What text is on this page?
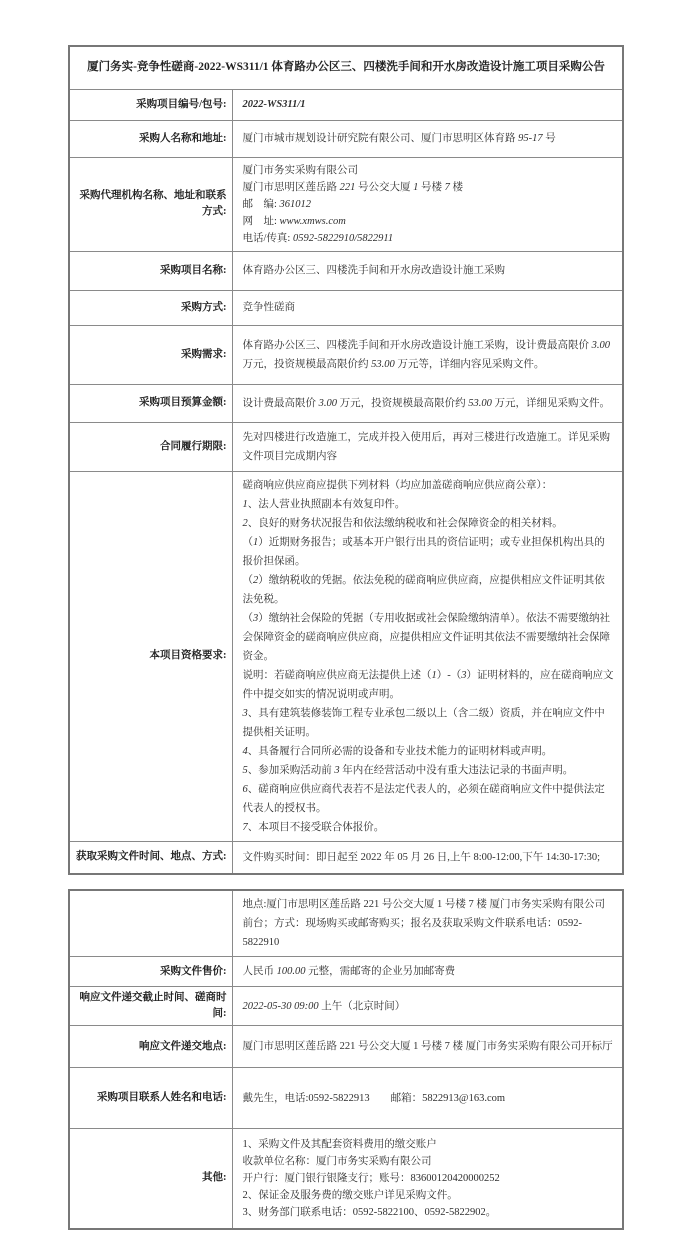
厦门务实-竞争性磋商-2022-WS311/1 体育路办公区三、四楼洗手间和开水房改造设计施工项目采购公告	
采购项目编号/包号:	2022-WS311/1
采购人名称和地址:	厦门市城市规划设计研究院有限公司、厦门市思明区体育路 95-17 号
采购代理机构名称、地址和联系方式:	厦门市务实采购有限公司
厦门市思明区莲岳路 221 号公交大厦 1 号楼 7 楼
邮　编: 361012
网　址: www.xmws.com
电话/传真: 0592-5822910/5822911

采购项目名称:	体育路办公区三、四楼洗手间和开水房改造设计施工采购
采购方式:	竞争性磋商
采购需求:	体育路办公区三、四楼洗手间和开水房改造设计施工采购，设计费最高限价 3.00 万元，投资规模最高限价约 53.00 万元等，详细内容见采购文件。
采购项目预算金额:	设计费最高限价 3.00 万元，投资规模最高限价约 53.00 万元，详细见采购文件。
合同履行期限:	先对四楼进行改造施工，完成并投入使用后，再对三楼进行改造施工。详见采购文件项目完成期内容
本项目资格要求:	

磋商响应供应商应提供下列材料（均应加盖磋商响应供应商公章）：

1、法人营业执照副本有效复印件。

2、良好的财务状况报告和依法缴纳税收和社会保障资金的相关材料。

（1）近期财务报告；或基本开户银行出具的资信证明；或专业担保机构出具的报价担保函。

（2）缴纳税收的凭据。依法免税的磋商响应供应商，应提供相应文件证明其依法免税。

（3）缴纳社会保险的凭据（专用收据或社会保险缴纳清单）。依法不需要缴纳社会保障资金的磋商响应供应商，应提供相应文件证明其依法不需要缴纳社会保障资金。

说明：若磋商响应供应商无法提供上述（1）-（3）证明材料的，应在磋商响应文件中提交如实的情况说明或声明。

3、具有建筑装修装饰工程专业承包二级以上（含二级）资质，并在响应文件中提供相关证明。

4、具备履行合同所必需的设备和专业技术能力的证明材料或声明。

5、参加采购活动前 3 年内在经营活动中没有重大违法记录的书面声明。

6、磋商响应供应商代表若不是法定代表人的，必须在磋商响应文件中提供法定代表人的授权书。

7、本项目不接受联合体报价。

获取采购文件时间、地点、方式:	文件购买时间：即日起至 2022 年 05 月 26 日,上午 8:00-12:00,下午 14:30-17:30;
	地点:厦门市思明区莲岳路 221 号公交大厦 1 号楼 7 楼 厦门市务实采购有限公司前台；方式：现场购买或邮寄购买；报名及获取采购文件联系电话：0592-5822910
采购文件售价:	人民币 100.00 元整，需邮寄的企业另加邮寄费
响应文件递交截止时间、磋商时间:	2022-05-30 09:00 上午（北京时间）
响应文件递交地点:	厦门市思明区莲岳路 221 号公交大厦 1 号楼 7 楼 厦门市务实采购有限公司开标厅
采购项目联系人姓名和电话:	戴先生，电话:0592-5822913　　邮箱：5822913@163.com
其他:	1、采购文件及其配套资料费用的缴交账户
收款单位名称：厦门市务实采购有限公司
开户行：厦门银行银隆支行；账号：83600120420000252
2、保证金及服务费的缴交账户详见采购文件。
3、财务部门联系电话：0592-5822100、0592-5822902。
